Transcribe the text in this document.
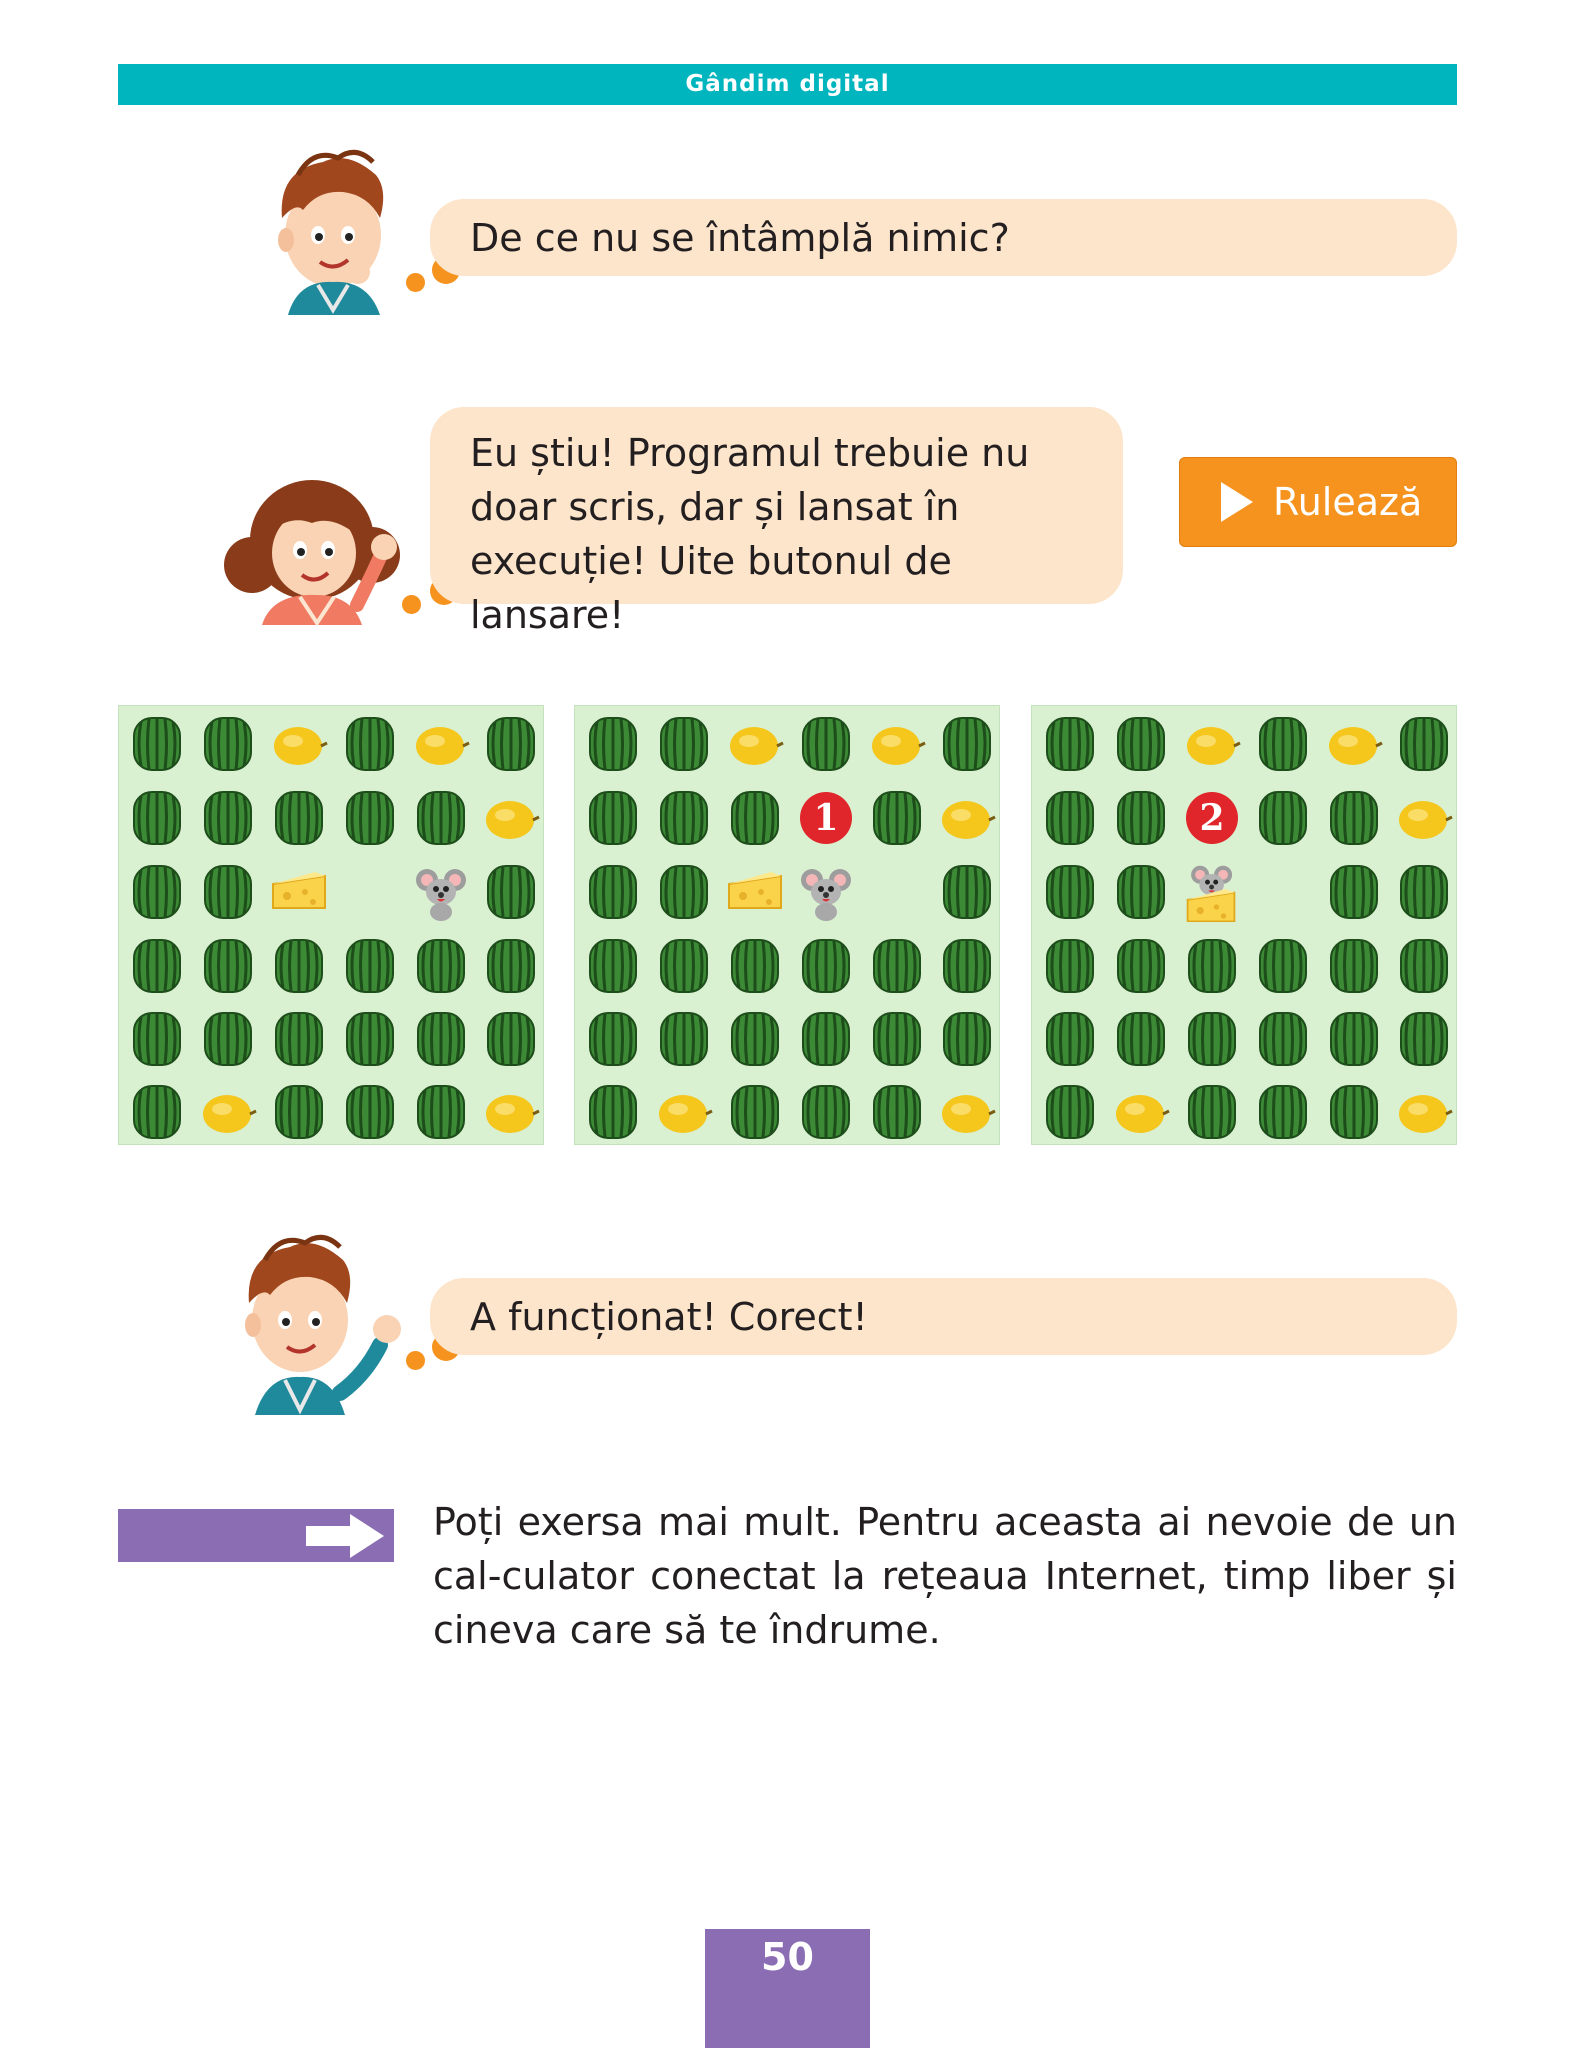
Gândim digital
De ce nu se întâmplă nimic?
Eu știu! Programul trebuie nu doar scris, dar și lansat în execuție! Uite butonul de lansare!
Rulează
1	2
A funcționat! Corect!
Poți exersa mai mult. Pentru aceasta ai nevoie de un cal-culator conectat la rețeaua Internet, timp liber și cineva care să te îndrume.
50
